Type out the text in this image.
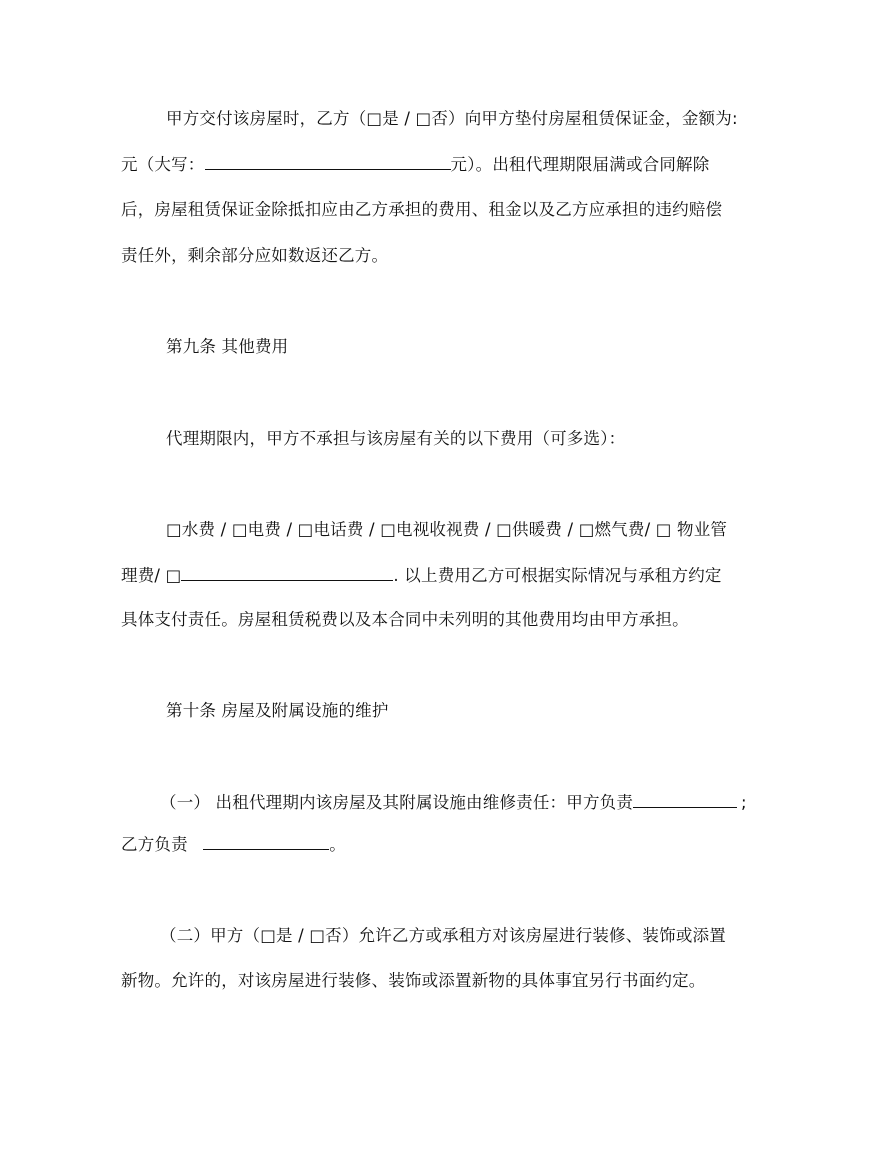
甲方交付该房屋时，乙方（□是 / □否）向甲方垫付房屋租赁保证金，金额为:
元（大写：	元）。出租代理期限届满或合同解除
后，房屋租赁保证金除抵扣应由乙方承担的费用、租金以及乙方应承担的违约赔偿
责任外，剩余部分应如数返还乙方。
第九条 其他费用
代理期限内，甲方不承担与该房屋有关的以下费用（可多选）：
□水费 / □电费 / □电话费 / □电视收视费 / □供暖费 / □燃气费/ □ 物业管
理费/ □	. 以上费用乙方可根据实际情况与承租方约定
具体支付责任。房屋租赁税费以及本合同中未列明的其他费用均由甲方承担。
第十条 房屋及附属设施的维护
（一） 出租代理期内该房屋及其附属设施由维修责任：甲方负责	;
乙方负责	。
（二）甲方（□是 / □否）允许乙方或承租方对该房屋进行装修、装饰或添置
新物。允许的，对该房屋进行装修、装饰或添置新物的具体事宜另行书面约定。
